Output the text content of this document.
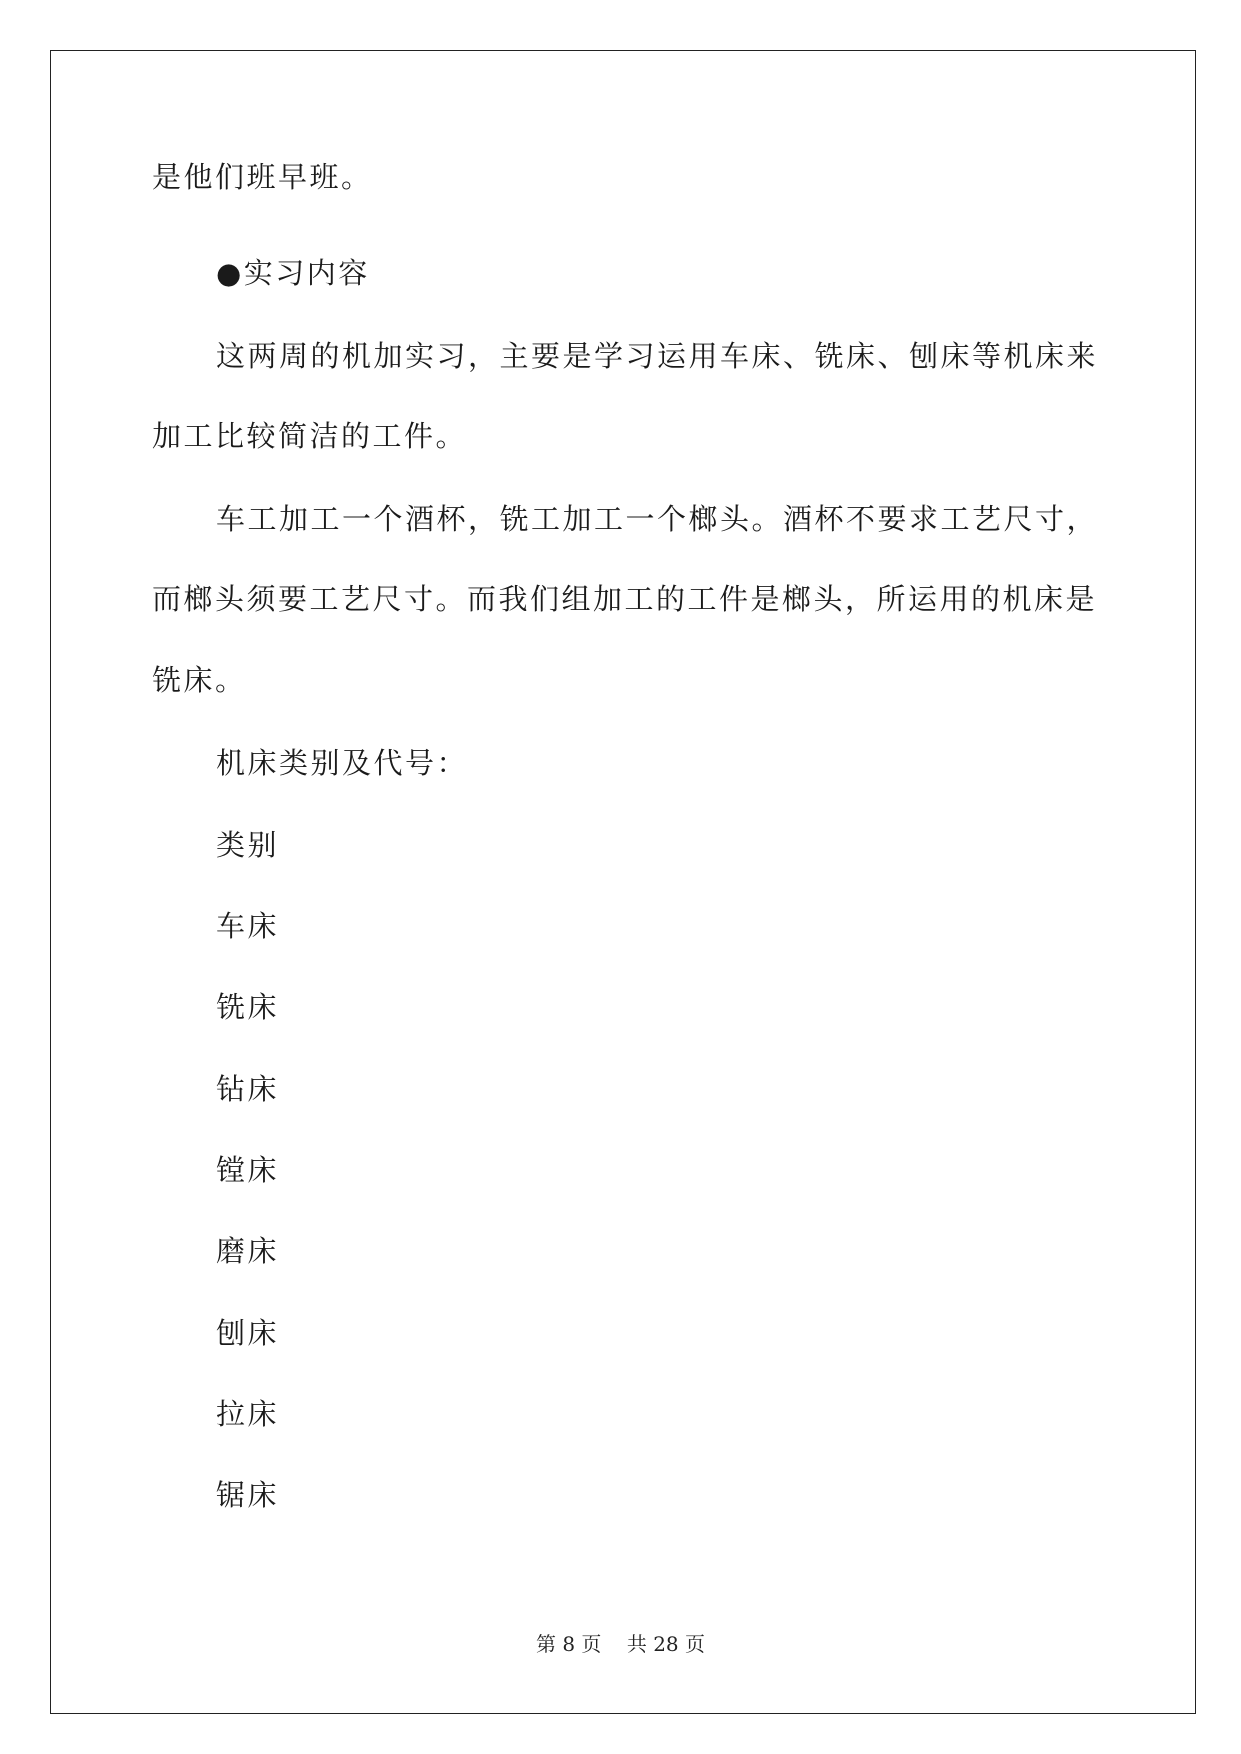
是他们班早班。
●实习内容
这两周的机加实习，主要是学习运用车床、铣床、刨床等机床来
加工比较简洁的工件。
车工加工一个酒杯，铣工加工一个榔头。酒杯不要求工艺尺寸，
而榔头须要工艺尺寸。而我们组加工的工件是榔头，所运用的机床是
铣床。
机床类别及代号：
类别
车床
铣床
钻床
镗床
磨床
刨床
拉床
锯床
第 8 页    共 28 页
